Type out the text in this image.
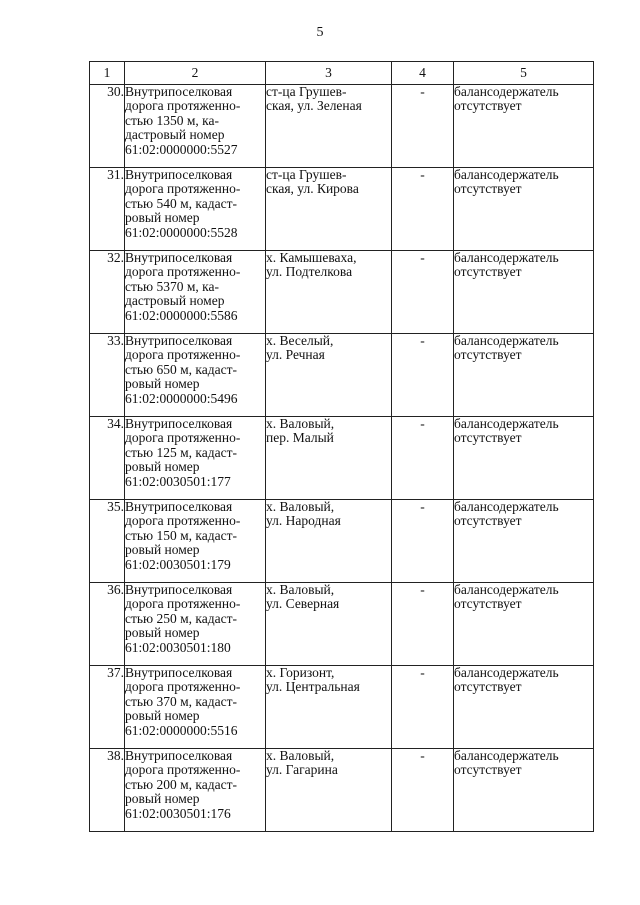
5
1	2	3	4	5
30.	Внутрипоселковая
дорога протяженно-
стью 1350 м, ка-
дастровый номер
61:02:0000000:5527	ст-ца Грушев-
ская, ул. Зеленая	-	балансодержатель
отсутствует

31.	Внутрипоселковая
дорога протяженно-
стью 540 м, кадаст-
ровый номер
61:02:0000000:5528	ст-ца Грушев-
ская, ул. Кирова	-	балансодержатель
отсутствует

32.	Внутрипоселковая
дорога протяженно-
стью 5370 м, ка-
дастровый номер
61:02:0000000:5586	х. Камышеваха,
ул. Подтелкова	-	балансодержатель
отсутствует

33.	Внутрипоселковая
дорога протяженно-
стью 650 м, кадаст-
ровый номер
61:02:0000000:5496	х. Веселый,
ул. Речная	-	балансодержатель
отсутствует

34.	Внутрипоселковая
дорога протяженно-
стью 125 м, кадаст-
ровый номер
61:02:0030501:177	х. Валовый,
пер. Малый	-	балансодержатель
отсутствует

35.	Внутрипоселковая
дорога протяженно-
стью 150 м, кадаст-
ровый номер
61:02:0030501:179	х. Валовый,
ул. Народная	-	балансодержатель
отсутствует

36.	Внутрипоселковая
дорога протяженно-
стью 250 м, кадаст-
ровый номер
61:02:0030501:180	х. Валовый,
ул. Северная	-	балансодержатель
отсутствует

37.	Внутрипоселковая
дорога протяженно-
стью 370 м, кадаст-
ровый номер
61:02:0000000:5516	х. Горизонт,
ул. Центральная	-	балансодержатель
отсутствует

38.	Внутрипоселковая
дорога протяженно-
стью 200 м, кадаст-
ровый номер
61:02:0030501:176	х. Валовый,
ул. Гагарина	-	балансодержатель
отсутствует
